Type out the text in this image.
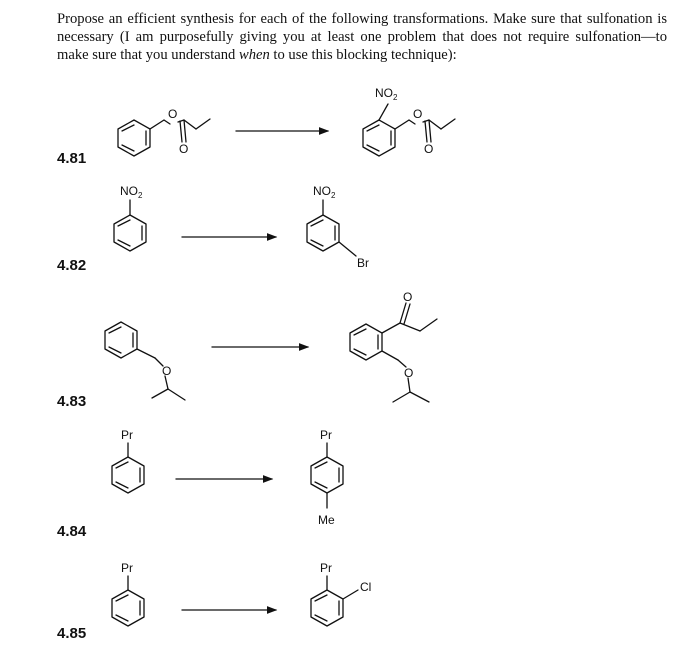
Propose an efficient synthesis for each of the following transformations. Make sure that sulfonation is necessary (I am purposefully giving you at least one problem that does not require sulfonation—to make sure that you understand when to use this blocking technique):

4.81
4.82
4.83
4.84
4.85
O
O
O
O
$NO_2$
$NO_2$	$NO_2$
Br
O
O
O
Pr	Pr
Me
Pr	Pr
Cl
